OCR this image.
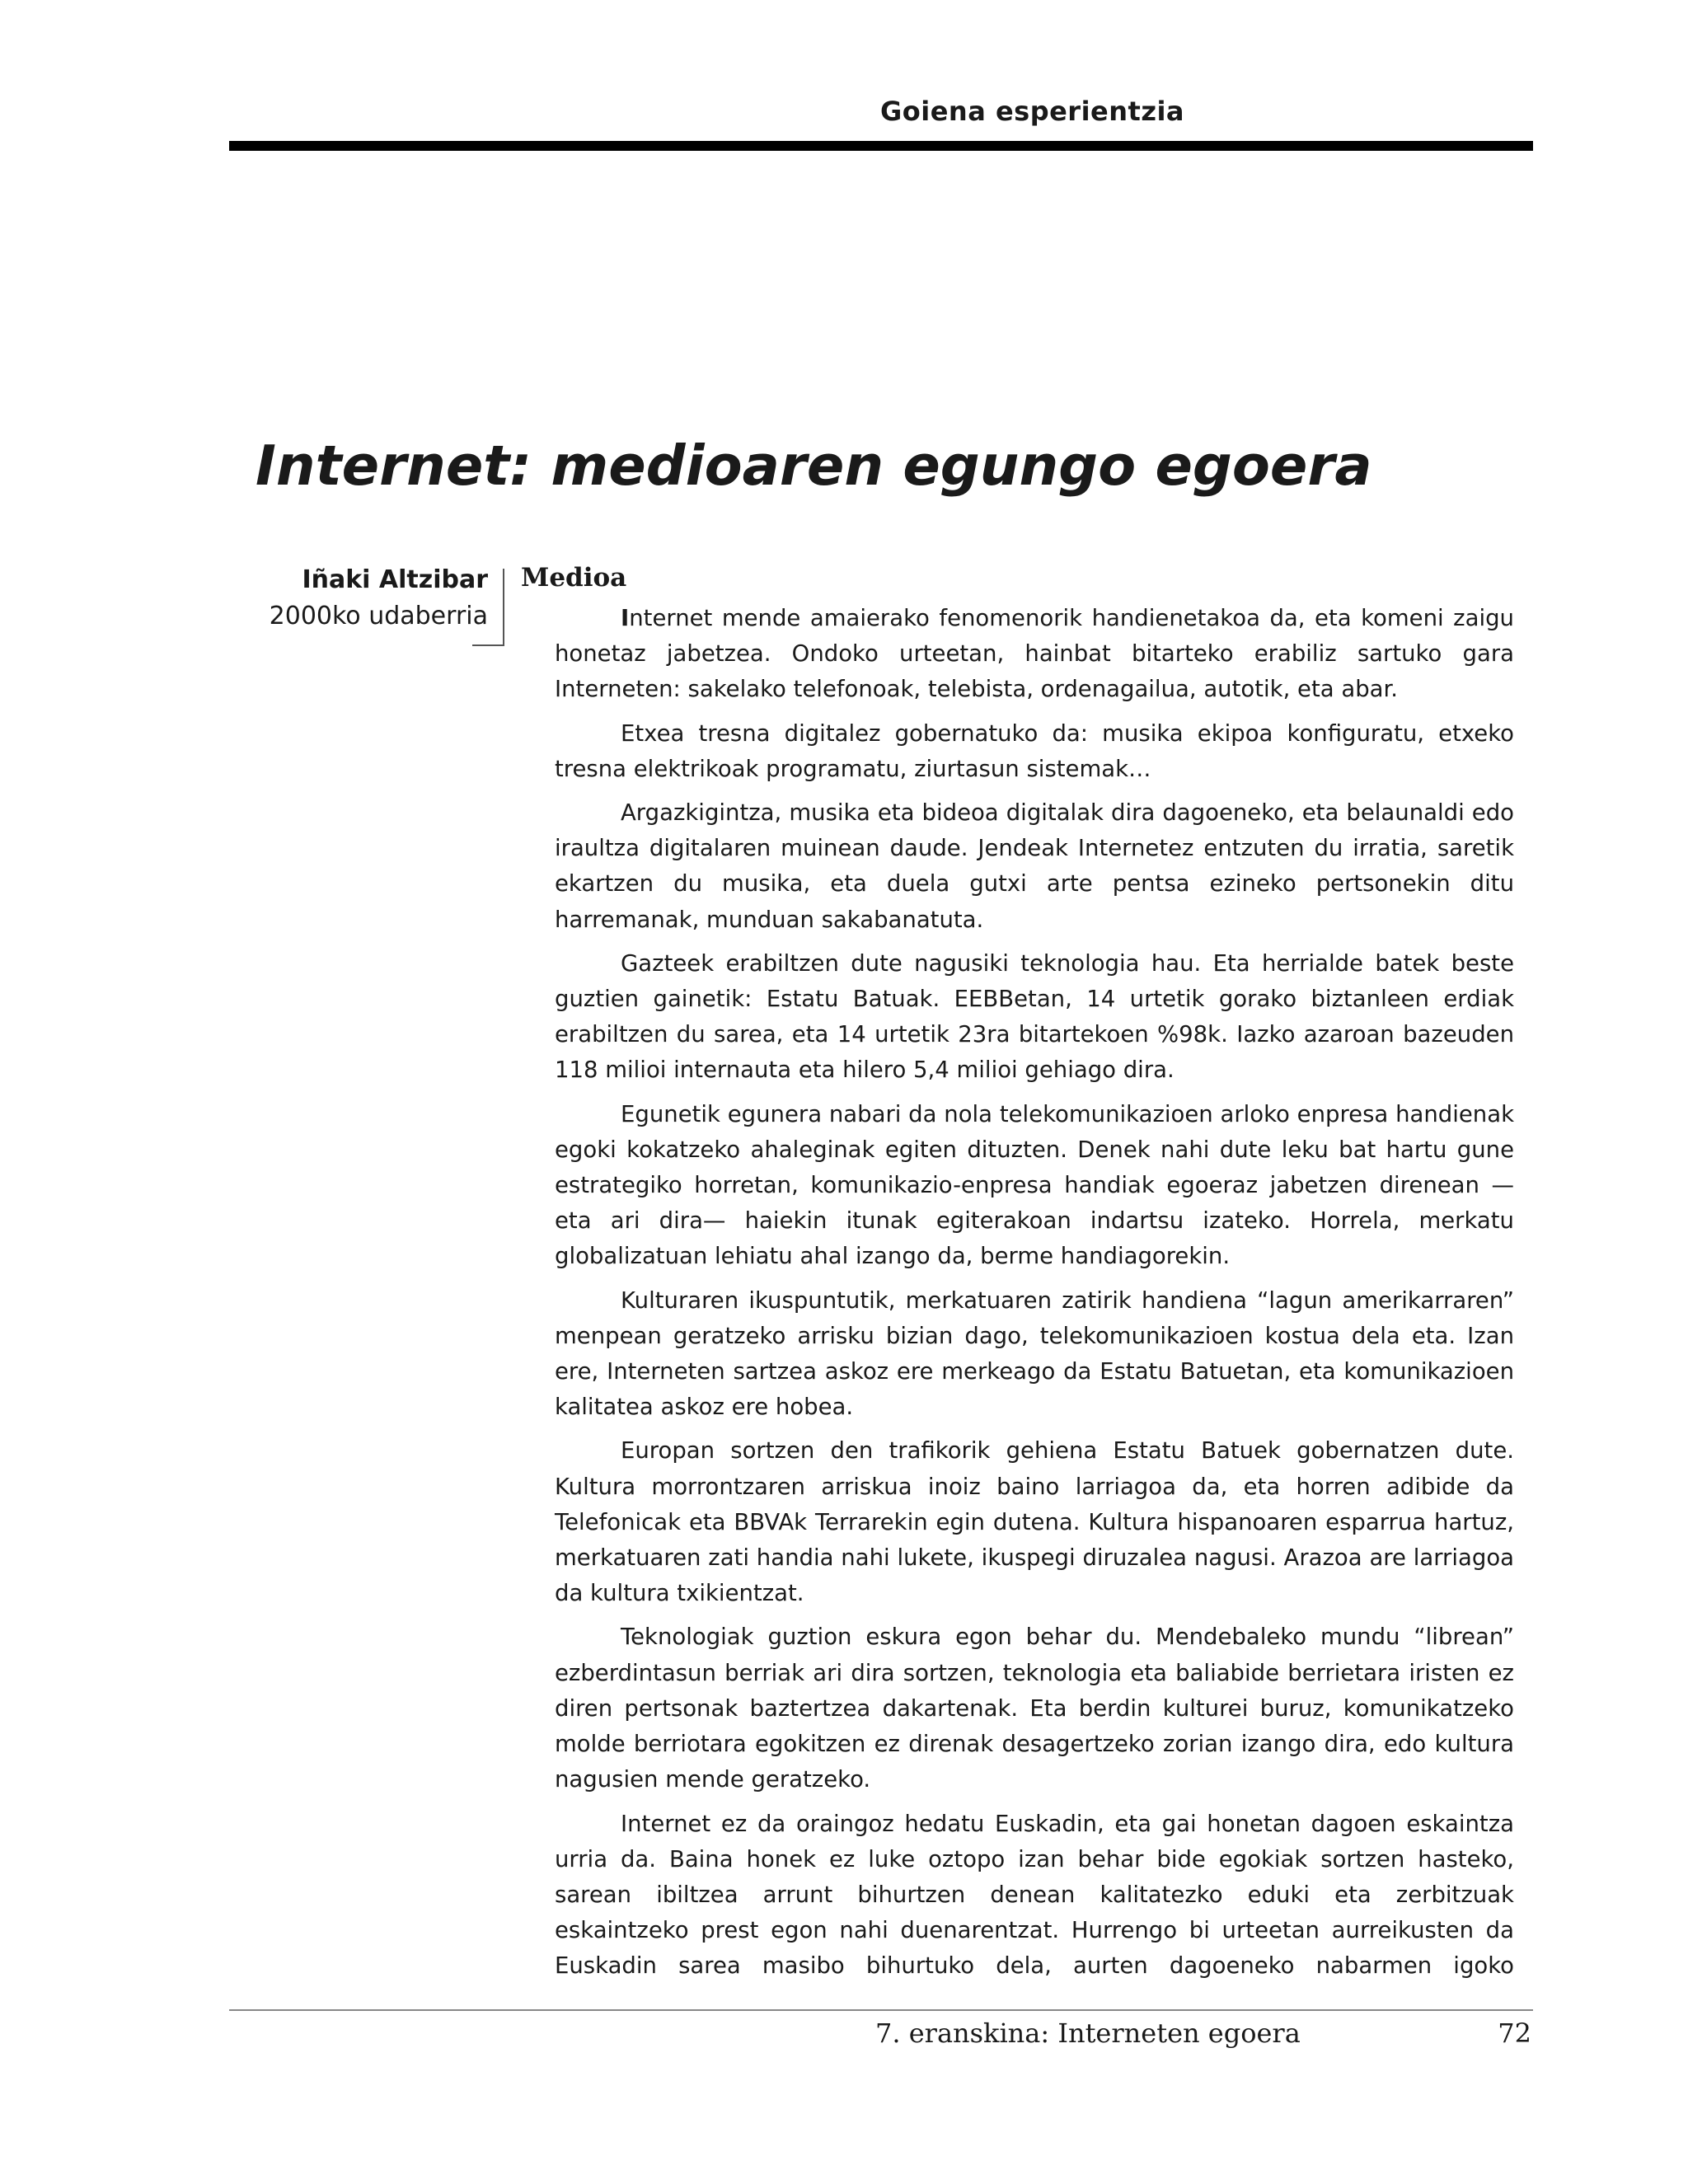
Goiena esperientzia
Internet: medioaren egungo egoera
Iñaki Altzibar
2000ko udaberria
Medioa

Internet mende amaierako fenomenorik handienetakoa da, eta komeni zaigu honetaz jabetzea. Ondoko urteetan, hainbat bitarteko erabiliz sartuko gara Interneten: sakelako telefonoak, telebista, ordenagailua, autotik, eta abar.

Etxea tresna digitalez gobernatuko da: musika ekipoa konfiguratu, etxeko tresna elektrikoak programatu, ziurtasun sistemak…

Argazkigintza, musika eta bideoa digitalak dira dagoeneko, eta belaunaldi edo iraultza digitalaren muinean daude. Jendeak Internetez entzuten du irratia, saretik ekartzen du musika, eta duela gutxi arte pentsa ezineko pertsonekin ditu harremanak, munduan sakabanatuta.

Gazteek erabiltzen dute nagusiki teknologia hau. Eta herrialde batek beste guztien gainetik: Estatu Batuak. EEBBetan, 14 urtetik gorako biztanleen erdiak erabiltzen du sarea, eta 14 urtetik 23ra bitartekoen %98k. Iazko azaroan bazeuden 118 milioi internauta eta hilero 5,4 milioi gehiago dira.

Egunetik egunera nabari da nola telekomunikazioen arloko enpresa handienak egoki kokatzeko ahaleginak egiten dituzten. Denek nahi dute leku bat hartu gune estrategiko horretan, komunikazio-enpresa handiak egoeraz jabetzen direnean —eta ari dira— haiekin itunak egiterakoan indartsu izateko. Horrela, merkatu globalizatuan lehiatu ahal izango da, berme handiagorekin.

Kulturaren ikuspuntutik, merkatuaren zatirik handiena “lagun amerikarraren” menpean geratzeko arrisku bizian dago, telekomunikazioen kostua dela eta. Izan ere, Interneten sartzea askoz ere merkeago da Estatu Batuetan, eta komunikazioen kalitatea askoz ere hobea.

Europan sortzen den trafikorik gehiena Estatu Batuek gobernatzen dute. Kultura morrontzaren arriskua inoiz baino larriagoa da, eta horren adibide da Telefonicak eta BBVAk Terrarekin egin dutena. Kultura hispanoaren esparrua hartuz, merkatuaren zati handia nahi lukete, ikuspegi diruzalea nagusi. Arazoa are larriagoa da kultura txikientzat.

Teknologiak guztion eskura egon behar du. Mendebaleko mundu “librean” ezberdintasun berriak ari dira sortzen, teknologia eta baliabide berrietara iristen ez diren pertsonak baztertzea dakartenak. Eta berdin kulturei buruz, komunikatzeko molde berriotara egokitzen ez direnak desagertzeko zorian izango dira, edo kultura nagusien mende geratzeko.

Internet ez da oraingoz hedatu Euskadin, eta gai honetan dagoen eskaintza urria da. Baina honek ez luke oztopo izan behar bide egokiak sortzen hasteko, sarean ibiltzea arrunt bihurtzen denean kalitatezko eduki eta zerbitzuak eskaintzeko prest egon nahi duenarentzat. Hurrengo bi urteetan aurreikusten da Euskadin sarea masibo bihurtuko dela, aurten dagoeneko nabarmen igoko

7. eranskina: Interneten egoera	72
